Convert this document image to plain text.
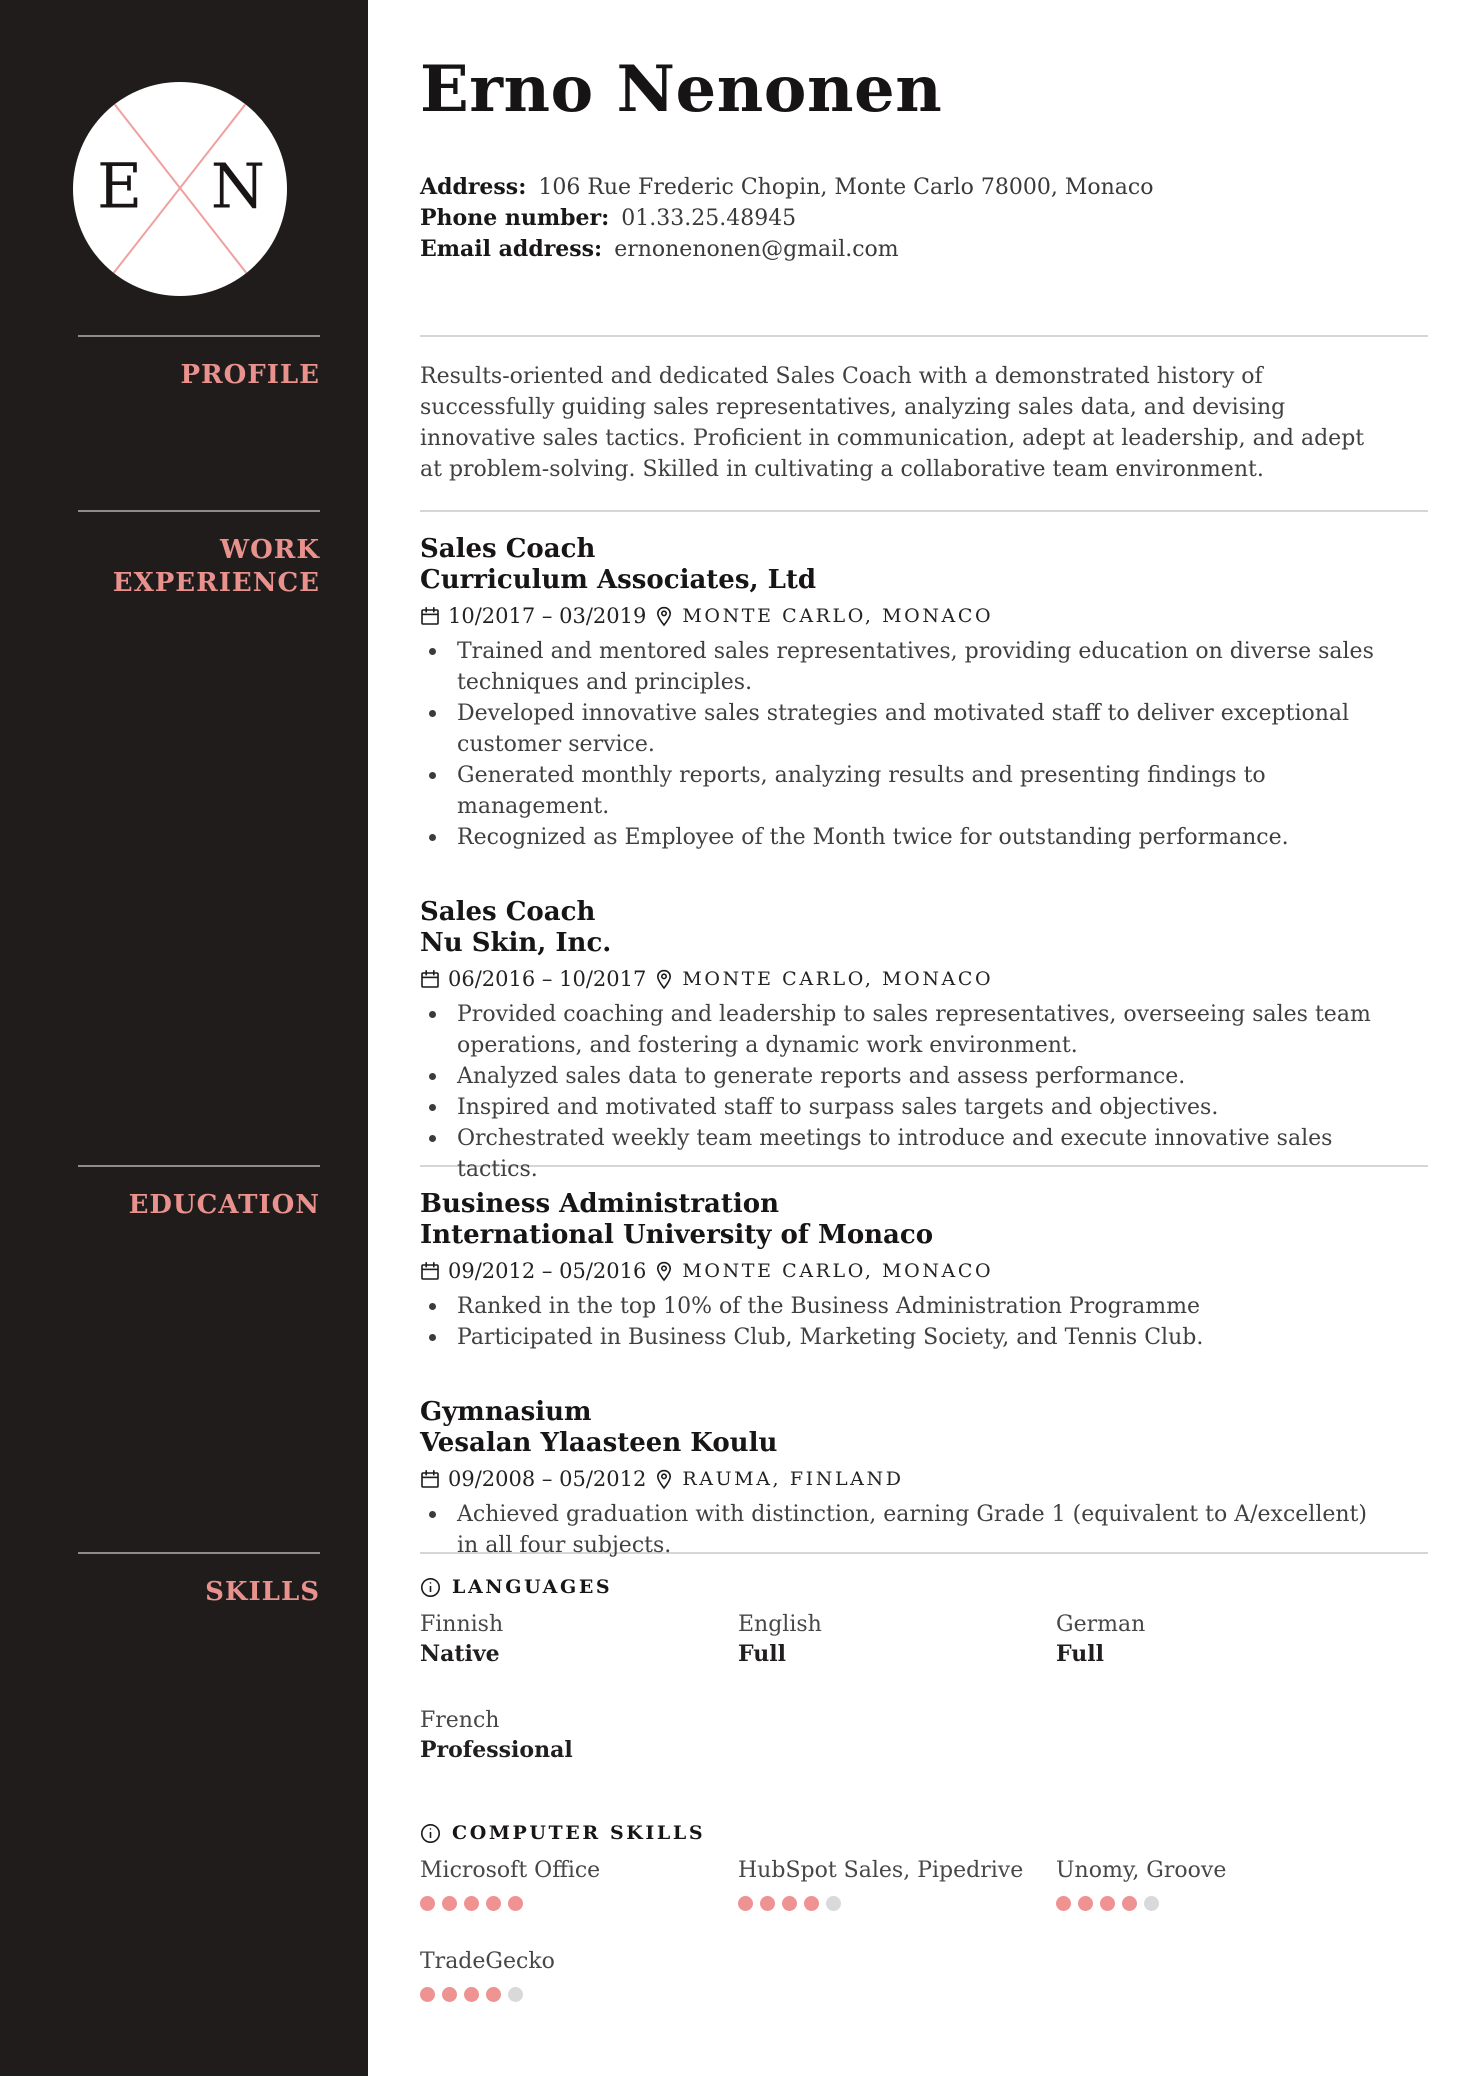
E N
Erno Nenonen
Address: 106 Rue Frederic Chopin, Monte Carlo 78000, Monaco
Phone number: 01.33.25.48945
Email address: ernonenonen@gmail.com
PROFILE	Results-oriented and dedicated Sales Coach with a demonstrated history of successfully guiding sales representatives, analyzing sales data, and devising innovative sales tactics. Proficient in communication, adept at leadership, and adept at problem-solving. Skilled in cultivating a collaborative team environment.

WORK EXPERIENCE

Sales Coach

Curriculum Associates, Ltd

10/2017 – 03/2019 MONTE CARLO, MONACO
Trained and mentored sales representatives, providing education on diverse sales techniques and principles.
Developed innovative sales strategies and motivated staff to deliver exceptional customer service.
Generated monthly reports, analyzing results and presenting findings to management.
Recognized as Employee of the Month twice for outstanding performance.

Sales Coach

Nu Skin, Inc.

06/2016 – 10/2017 MONTE CARLO, MONACO
Provided coaching and leadership to sales representatives, overseeing sales team operations, and fostering a dynamic work environment.
Analyzed sales data to generate reports and assess performance.
Inspired and motivated staff to surpass sales targets and objectives.
Orchestrated weekly team meetings to introduce and execute innovative sales tactics.
EDUCATION	Business Administration

International University of Monaco

09/2012 – 05/2016 MONTE CARLO, MONACO
Ranked in the top 10% of the Business Administration Programme
Participated in Business Club, Marketing Society, and Tennis Club.

Gymnasium

Vesalan Ylaasteen Koulu

09/2008 – 05/2012 RAUMA, FINLAND
Achieved graduation with distinction, earning Grade 1 (equivalent to A/excellent) in all four subjects.
SKILLS	LANGUAGES
Finnish
Native
English
Full
German
Full
French
Professional
COMPUTER SKILLS
Microsoft Office	HubSpot Sales, Pipedrive	Unomy, Groove
TradeGecko
